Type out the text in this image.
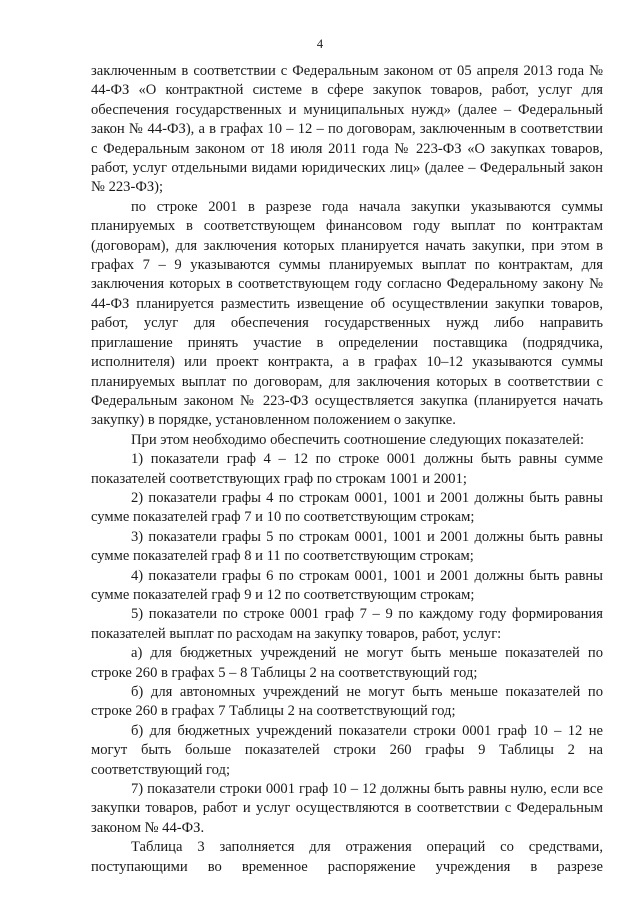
4

заключенным в соответствии с Федеральным законом от 05 апреля 2013 года № 44-ФЗ «О контрактной системе в сфере закупок товаров, работ, услуг для обеспечения государственных и муниципальных нужд» (далее – Федеральный закон № 44-ФЗ), а в графах 10 – 12 – по договорам, заключенным в соответствии с Федеральным законом от 18 июля 2011 года № 223-ФЗ «О закупках товаров, работ, услуг отдельными видами юридических лиц» (далее – Федеральный закон № 223-ФЗ);

по строке 2001 в разрезе года начала закупки указываются суммы планируемых в соответствующем финансовом году выплат по контрактам (договорам), для заключения которых планируется начать закупки, при этом в графах 7 – 9 указываются суммы планируемых выплат по контрактам, для заключения которых в соответствующем году согласно Федеральному закону № 44-ФЗ планируется разместить извещение об осуществлении закупки товаров, работ, услуг для обеспечения государственных нужд либо направить приглашение принять участие в определении поставщика (подрядчика, исполнителя) или проект контракта, а в графах 10–12 указываются суммы планируемых выплат по договорам, для заключения которых в соответствии с Федеральным законом № 223-ФЗ осуществляется закупка (планируется начать закупку) в порядке, установленном положением о закупке.

При этом необходимо обеспечить соотношение следующих показателей:

1) показатели граф 4 – 12 по строке 0001 должны быть равны сумме показателей соответствующих граф по строкам 1001 и 2001;

2) показатели графы 4 по строкам 0001, 1001 и 2001 должны быть равны сумме показателей граф 7 и 10 по соответствующим строкам;

3) показатели графы 5 по строкам 0001, 1001 и 2001 должны быть равны сумме показателей граф 8 и 11 по соответствующим строкам;

4) показатели графы 6 по строкам 0001, 1001 и 2001 должны быть равны сумме показателей граф 9 и 12 по соответствующим строкам;

5) показатели по строке 0001 граф 7 – 9 по каждому году формирования показателей выплат по расходам на закупку товаров, работ, услуг:

а) для бюджетных учреждений не могут быть меньше показателей по строке 260 в графах 5 – 8 Таблицы 2 на соответствующий год;

б) для автономных учреждений не могут быть меньше показателей по строке 260 в графах 7 Таблицы 2 на соответствующий год;

б) для бюджетных учреждений показатели строки 0001 граф 10 – 12 не могут быть больше показателей строки 260 графы 9 Таблицы 2 на соответствующий год;

7) показатели строки 0001 граф 10 – 12 должны быть равны нулю, если все закупки товаров, работ и услуг осуществляются в соответствии с Федеральным законом № 44-ФЗ.

Таблица 3 заполняется для отражения операций со средствами, поступающими во временное распоряжение учреждения в разрезе
